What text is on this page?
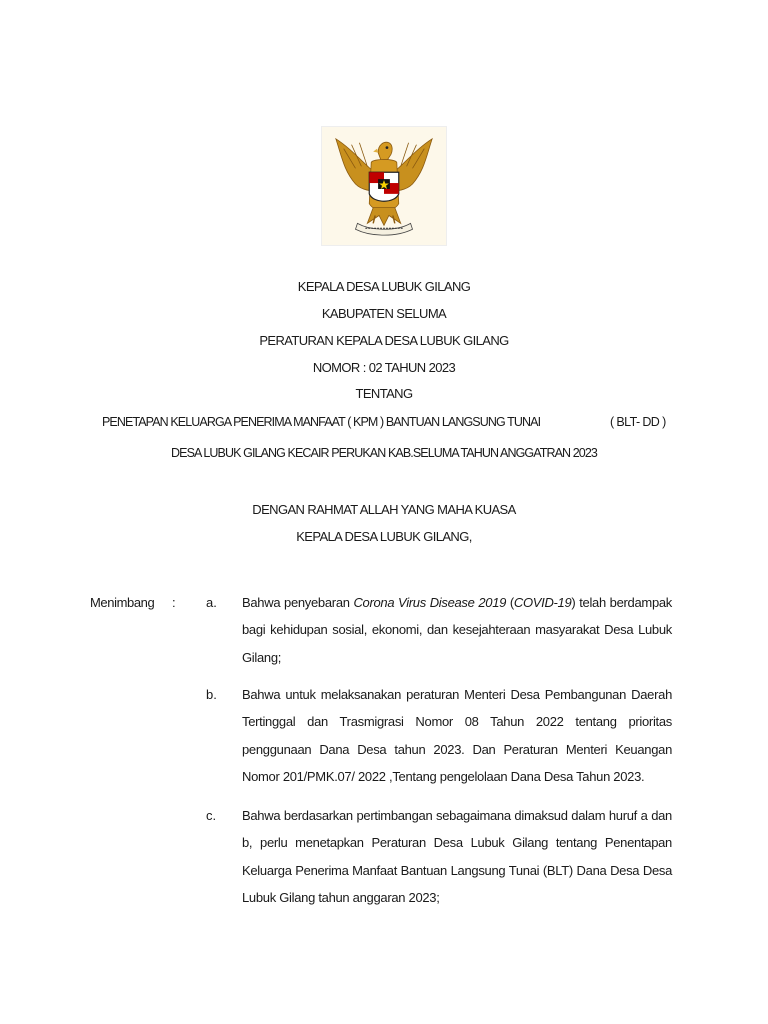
KEPALA DESA LUBUK GILANG
KABUPATEN SELUMA
PERATURAN KEPALA DESA LUBUK GILANG
NOMOR : 02 TAHUN 2023
TENTANG
PENETAPAN KELUARGA PENERIMA MANFAAT ( KPM ) BANTUAN LANGSUNG TUNAI	( BLT- DD )
DESA LUBUK GILANG KECAIR PERUKAN KAB.SELUMA TAHUN ANGGATRAN 2023
DENGAN RAHMAT ALLAH YANG MAHA KUASA
KEPALA DESA LUBUK GILANG,
Menimbang : a. Bahwa penyebaran Corona Virus Disease 2019 (COVID-19) telah berdampak bagi kehidupan sosial, ekonomi, dan kesejahteraan masyarakat Desa Lubuk Gilang;
b. Bahwa untuk melaksanakan peraturan Menteri Desa Pembangunan Daerah Tertinggal dan Trasmigrasi Nomor 08 Tahun 2022 tentang prioritas penggunaan Dana Desa tahun 2023. Dan Peraturan Menteri Keuangan Nomor 201/PMK.07/ 2022 ,Tentang pengelolaan Dana Desa Tahun 2023.
c. Bahwa berdasarkan pertimbangan sebagaimana dimaksud dalam huruf a dan b, perlu menetapkan Peraturan Desa Lubuk Gilang tentang Penentapan Keluarga Penerima Manfaat Bantuan Langsung Tunai (BLT) Dana Desa Desa Lubuk Gilang tahun anggaran 2023;
